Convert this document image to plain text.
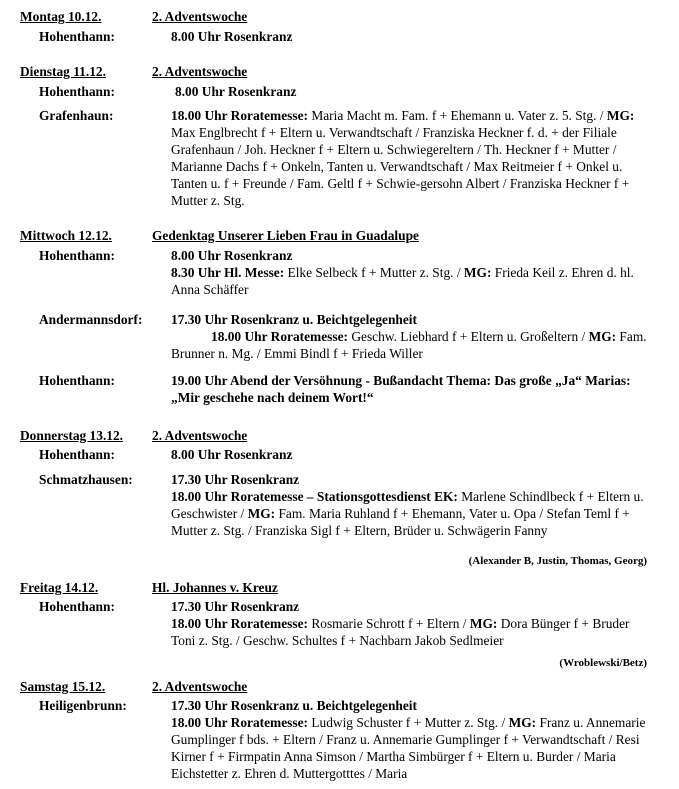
Montag 10.12.	2. Adventswoche
Hohenthann:	8.00 Uhr Rosenkranz
Dienstag 11.12.	2. Adventswoche
Hohenthann:	8.00 Uhr Rosenkranz
Grafenhaun:	18.00 Uhr Roratemesse: Maria Macht m. Fam. f + Ehemann u. Vater z. 5. Stg. / MG: Max Englbrecht f + Eltern u. Verwandtschaft / Franziska Heckner f. d. + der Filiale Grafenhaun / Joh. Heckner f + Eltern u. Schwiegereltern / Th. Heckner f + Mutter / Marianne Dachs f + Onkeln, Tanten u. Verwandtschaft / Max Reitmeier f + Onkel u. Tanten u. f + Freunde / Fam. Geltl f + Schwie-gersohn Albert / Franziska Heckner f + Mutter z. Stg.
Mittwoch 12.12.	Gedenktag Unserer Lieben Frau in Guadalupe
Hohenthann:	8.00 Uhr Rosenkranz
8.30 Uhr Hl. Messe: Elke Selbeck f + Mutter z. Stg. / MG: Frieda Keil z. Ehren d. hl. Anna Schäffer
Andermannsdorf: 17.30 Uhr Rosenkranz u. Beichtgelegenheit
18.00 Uhr Roratemesse: Geschw. Liebhard f + Eltern u. Großeltern / MG: Fam. Brunner n. Mg. / Emmi Bindl f + Frieda Willer
Hohenthann:	19.00 Uhr Abend der Versöhnung - Bußandacht Thema: Das große „Ja“ Marias: „Mir geschehe nach deinem Wort!“
Donnerstag 13.12. 2. Adventswoche
Hohenthann:	8.00 Uhr Rosenkranz
Schmatzhausen:	17.30 Uhr Rosenkranz
18.00 Uhr Roratemesse – Stationsgottesdienst EK: Marlene Schindlbeck f + Eltern u. Geschwister / MG: Fam. Maria Ruhland f + Ehemann, Vater u. Opa / Stefan Teml f + Mutter z. Stg. / Franziska Sigl f + Eltern, Brüder u. Schwägerin Fanny
(Alexander B, Justin, Thomas, Georg)
Freitag 14.12.	Hl. Johannes v. Kreuz
Hohenthann:	17.30 Uhr Rosenkranz
18.00 Uhr Roratemesse: Rosmarie Schrott f + Eltern / MG: Dora Bünger f + Bruder Toni z. Stg. / Geschw. Schultes f + Nachbarn Jakob Sedlmeier
(Wroblewski/Betz)
Samstag 15.12.	2. Adventswoche
Heiligenbrunn:	17.30 Uhr Rosenkranz u. Beichtgelegenheit
18.00 Uhr Roratemesse: Ludwig Schuster f + Mutter z. Stg. / MG: Franz u. Annemarie Gumplinger f bds. + Eltern / Franz u. Annemarie Gumplinger f + Verwandtschaft / Resi Kirner f + Firmpatin Anna Simson / Martha Simbürger f + Eltern u. Burder / Maria Eichstetter z. Ehren d. Muttergotttes / Maria
